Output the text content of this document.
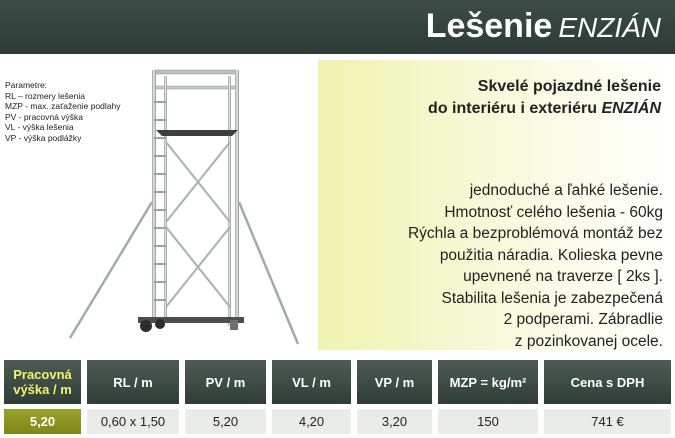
Lešenie ENZIÁN
Parametre:
RL – rozmery lešenia
MZP - max. zaťaženie podlahy
PV - pracovná výška
VL - výška lešenia
VP - výška podlážky
Skvelé pojazdné lešenie
do interiéru i exteriéru ENZIÁN
jednoduché a ľahké lešenie.
Hmotnosť celého lešenia - 60kg
Rýchla a bezproblémová montáž bez
použitia náradia. Kolieska pevne
upevnené na traverze [ 2ks ].
Stabilita lešenia je zabezpečená
2 podperami. Zábradlie
z pozinkovanej ocele.
Pracovná výška / m	RL / m	PV / m	VL / m	VP / m	MZP = kg/m²	Cena s DPH
5,20	0,60 x 1,50	5,20	4,20	3,20	150	741 €
